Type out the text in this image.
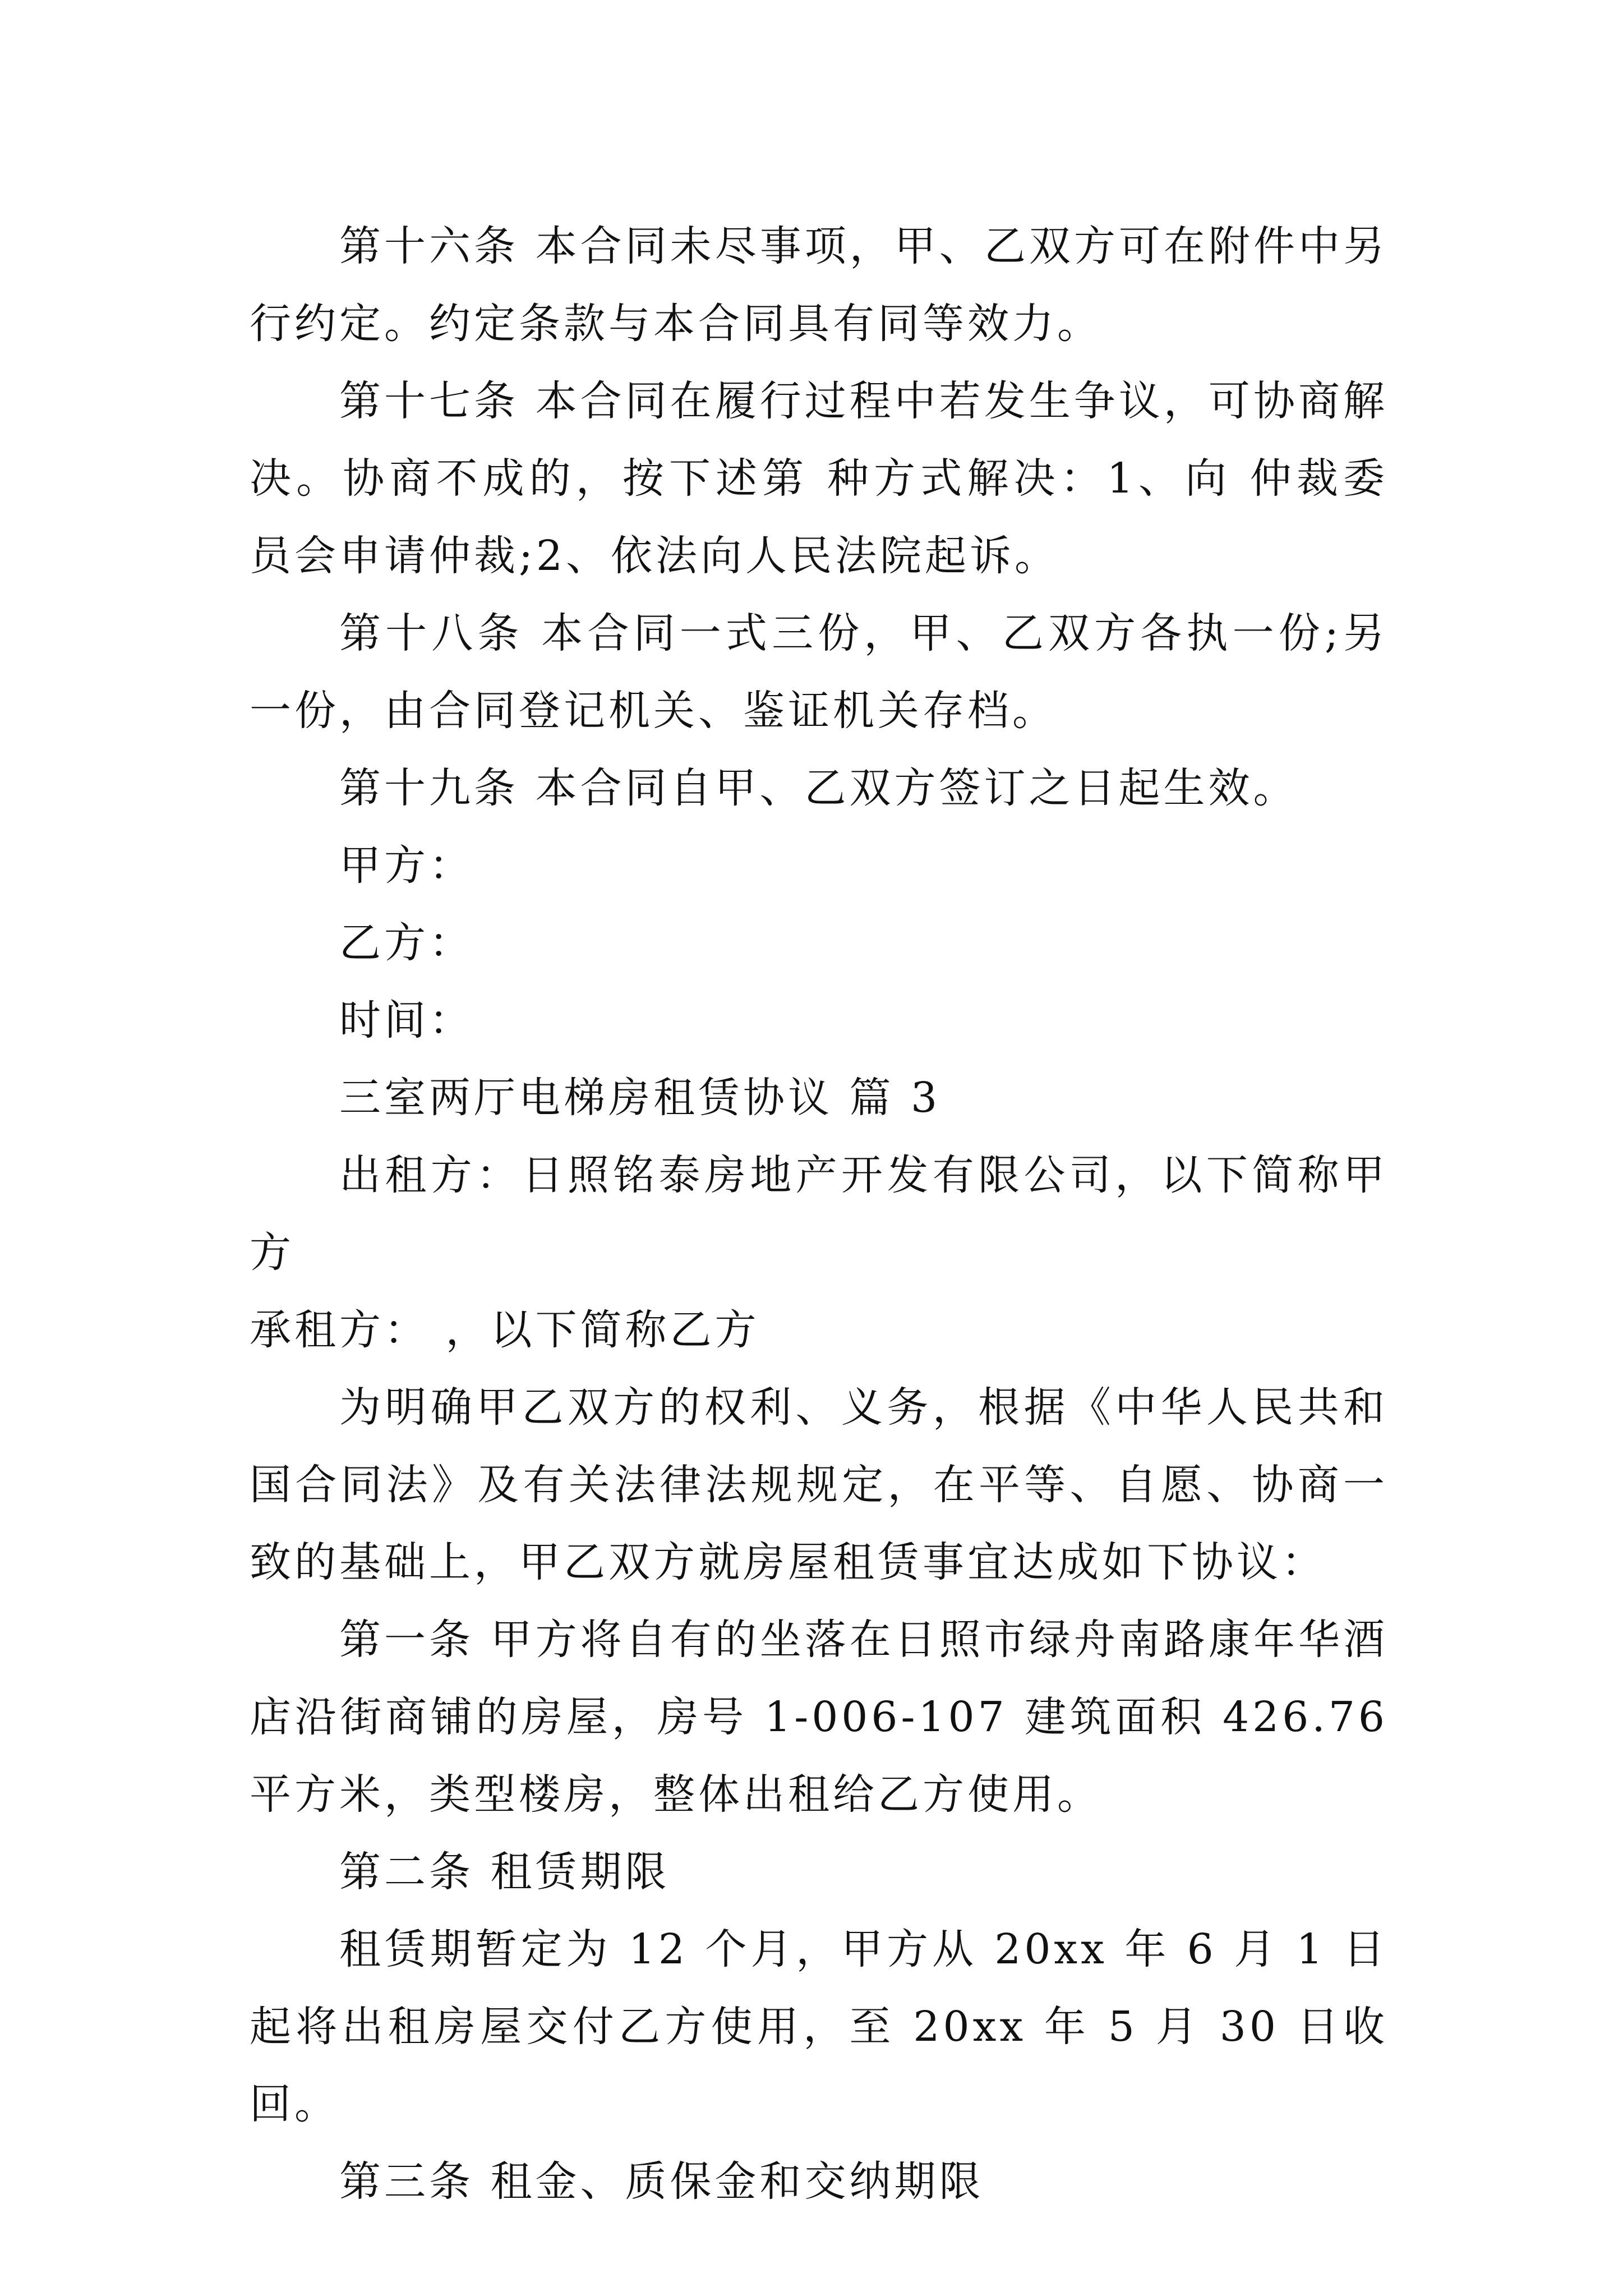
第十六条 本合同未尽事项，甲、乙双方可在附件中另行约定。约定条款与本合同具有同等效力。

第十七条 本合同在履行过程中若发生争议，可协商解决。协商不成的，按下述第 种方式解决：1、向 仲裁委员会申请仲裁;2、依法向人民法院起诉。

第十八条 本合同一式三份，甲、乙双方各执一份;另一份，由合同登记机关、鉴证机关存档。

第十九条 本合同自甲、乙双方签订之日起生效。

甲方：

乙方：

时间：

三室两厅电梯房租赁协议 篇 3

出租方：日照铭泰房地产开发有限公司，以下简称甲方

承租方： ，以下简称乙方

为明确甲乙双方的权利、义务，根据《中华人民共和国合同法》及有关法律法规规定，在平等、自愿、协商一致的基础上，甲乙双方就房屋租赁事宜达成如下协议：

第一条 甲方将自有的坐落在日照市绿舟南路康年华酒店沿街商铺的房屋，房号 1-006-107 建筑面积 426.76 平方米，类型楼房，整体出租给乙方使用。

第二条 租赁期限

租赁期暂定为 12 个月，甲方从 20xx 年 6 月 1 日起将出租房屋交付乙方使用，至 20xx 年 5 月 30 日收回。

第三条 租金、质保金和交纳期限
